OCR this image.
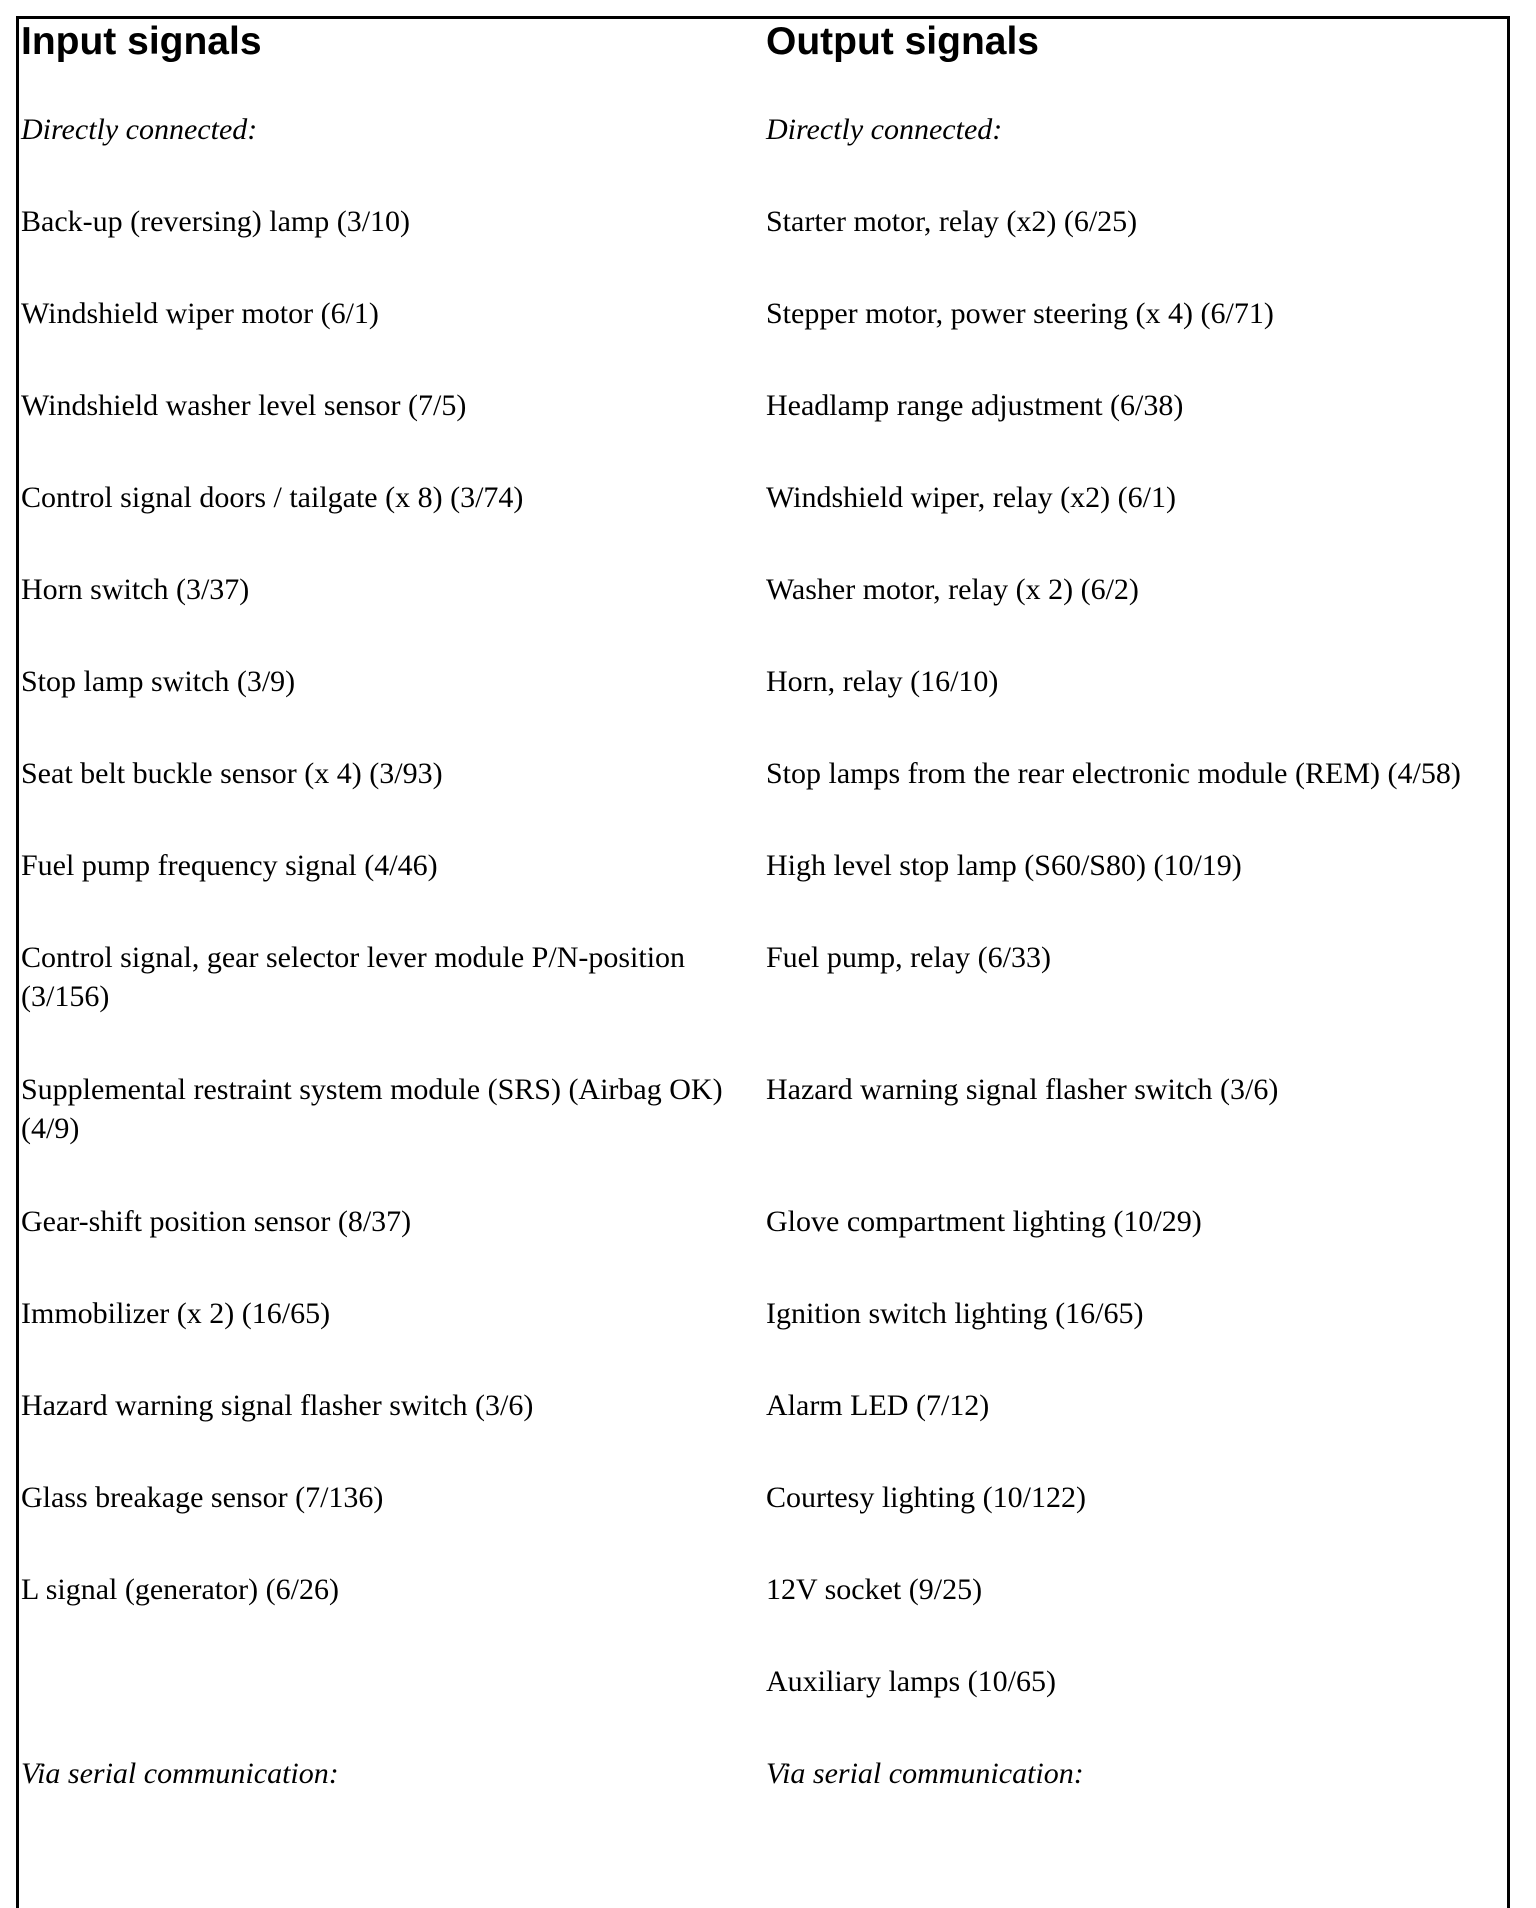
Input signals	Output signals
Directly connected:	Directly connected:
Back-up (reversing) lamp (3/10)	Starter motor, relay (x2) (6/25)
Windshield wiper motor (6/1)	Stepper motor, power steering (x 4) (6/71)
Windshield washer level sensor (7/5)	Headlamp range adjustment (6/38)
Control signal doors / tailgate (x 8) (3/74)	Windshield wiper, relay (x2) (6/1)
Horn switch (3/37)	Washer motor, relay (x 2) (6/2)
Stop lamp switch (3/9)	Horn, relay (16/10)
Seat belt buckle sensor (x 4) (3/93)	Stop lamps from the rear electronic module (REM) (4/58)
Fuel pump frequency signal (4/46)	High level stop lamp (S60/S80) (10/19)
Control signal, gear selector lever module P/N-position (3/156)	Fuel pump, relay (6/33)
Supplemental restraint system module (SRS) (Airbag OK) (4/9)	Hazard warning signal flasher switch (3/6)
Gear-shift position sensor (8/37)	Glove compartment lighting (10/29)
Immobilizer (x 2) (16/65)	Ignition switch lighting (16/65)
Hazard warning signal flasher switch (3/6)	Alarm LED (7/12)
Glass breakage sensor (7/136)	Courtesy lighting (10/122)
L signal (generator) (6/26)	12V socket (9/25)
	Auxiliary lamps (10/65)
Via serial communication:	Via serial communication:
